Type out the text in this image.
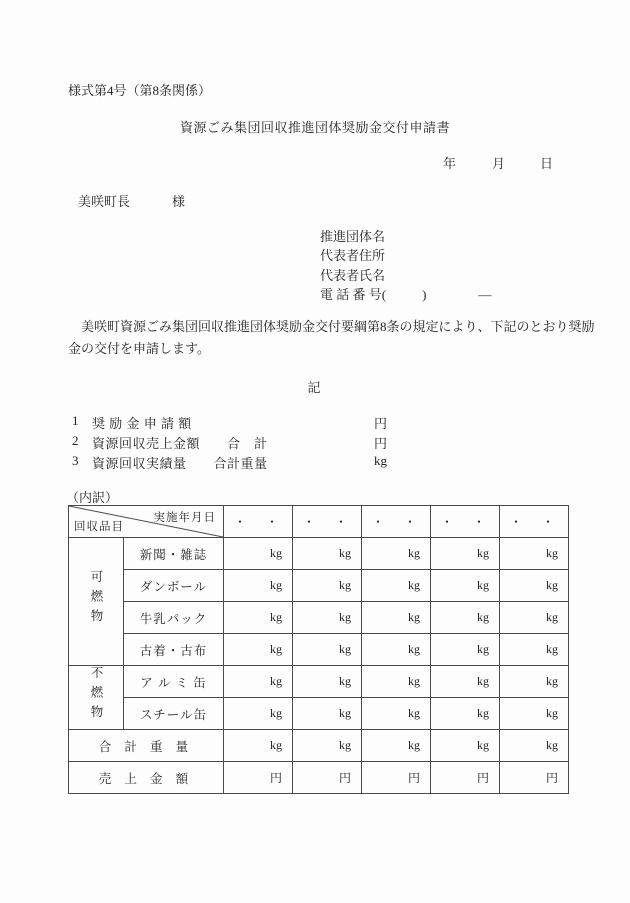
様式第4号（第8条関係）
資源ごみ集団回収推進団体奨励金交付申請書
年	月	日
美咲町長	様
推進団体名
代表者住所
代表者氏名
電 話 番 号(	)	―
　美咲町資源ごみ集団回収推進団体奨励金交付要綱第8条の規定により、下記のとおり奨励
金の交付を申請します。
記
1 奨 励 金 申 請 額	円
2 資源回収売上金額　　合　計	円
3 資源回収実績量　　合計重量	kg
（内訳）
実施年月日
回収品目		・　・	・　・	・　・	・　・	・　・
可燃物	新聞・雑誌	kg	kg	kg	kg	kg
	ダンボール	kg	kg	kg	kg	kg
	牛乳パック	kg	kg	kg	kg	kg
	古着・古布	kg	kg	kg	kg	kg
不燃物	ア ル ミ 缶	kg	kg	kg	kg	kg
	スチール缶	kg	kg	kg	kg	kg
合 計 重 量		kg	kg	kg	kg	kg
売 上 金 額		円	円	円	円	円
